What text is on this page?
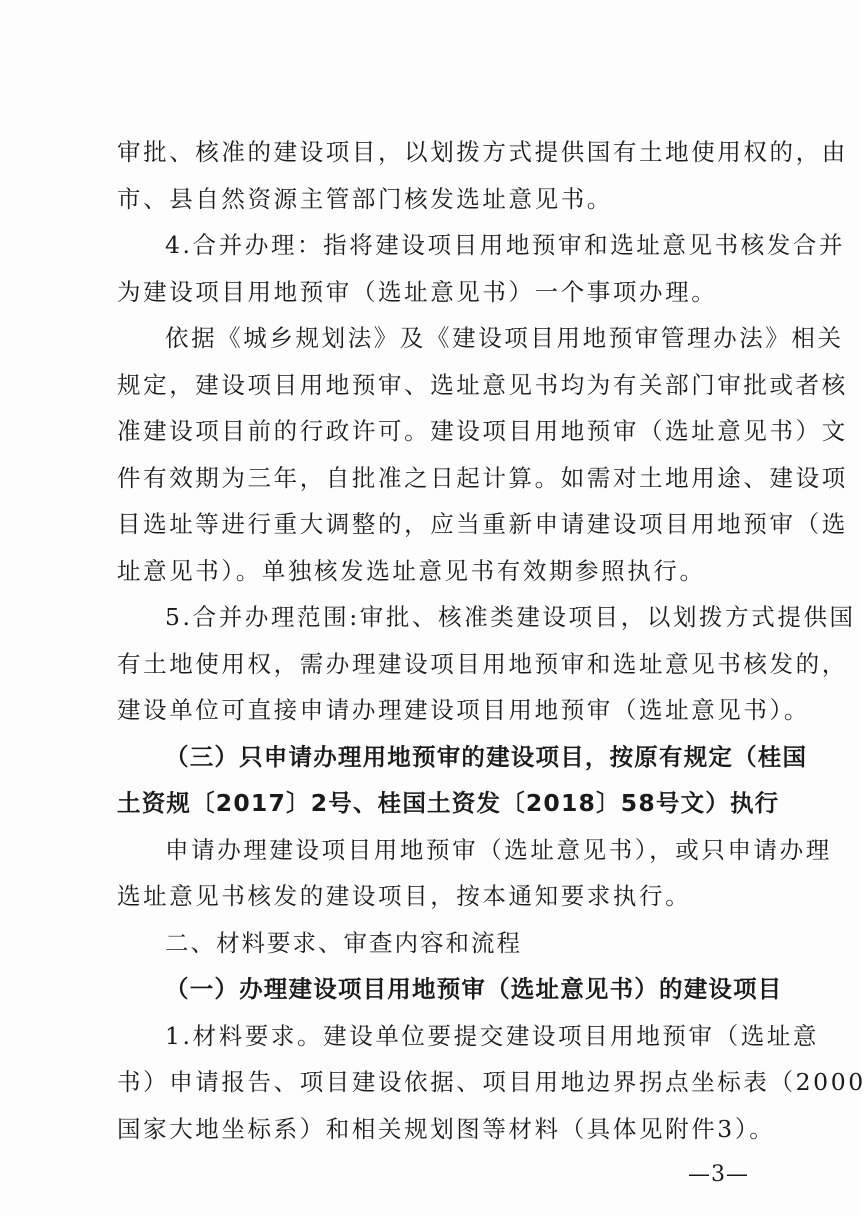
审批、核准的建设项目，以划拨方式提供国有土地使用权的，由
市、县自然资源主管部门核发选址意见书。
4.合并办理：指将建设项目用地预审和选址意见书核发合并
为建设项目用地预审（选址意见书）一个事项办理。
依据《城乡规划法》及《建设项目用地预审管理办法》相关
规定，建设项目用地预审、选址意见书均为有关部门审批或者核
准建设项目前的行政许可。建设项目用地预审（选址意见书）文
件有效期为三年，自批准之日起计算。如需对土地用途、建设项
目选址等进行重大调整的，应当重新申请建设项目用地预审（选
址意见书）。单独核发选址意见书有效期参照执行。
5.合并办理范围:审批、核准类建设项目，以划拨方式提供国
有土地使用权，需办理建设项目用地预审和选址意见书核发的，
建设单位可直接申请办理建设项目用地预审（选址意见书）。
（三）只申请办理用地预审的建设项目，按原有规定（桂国
土资规〔2017〕2号、桂国土资发〔2018〕58号文）执行
申请办理建设项目用地预审（选址意见书），或只申请办理
选址意见书核发的建设项目，按本通知要求执行。
二、材料要求、审查内容和流程
（一）办理建设项目用地预审（选址意见书）的建设项目
1.材料要求。建设单位要提交建设项目用地预审（选址意
书）申请报告、项目建设依据、项目用地边界拐点坐标表（2000
国家大地坐标系）和相关规划图等材料（具体见附件3）。
—3—
